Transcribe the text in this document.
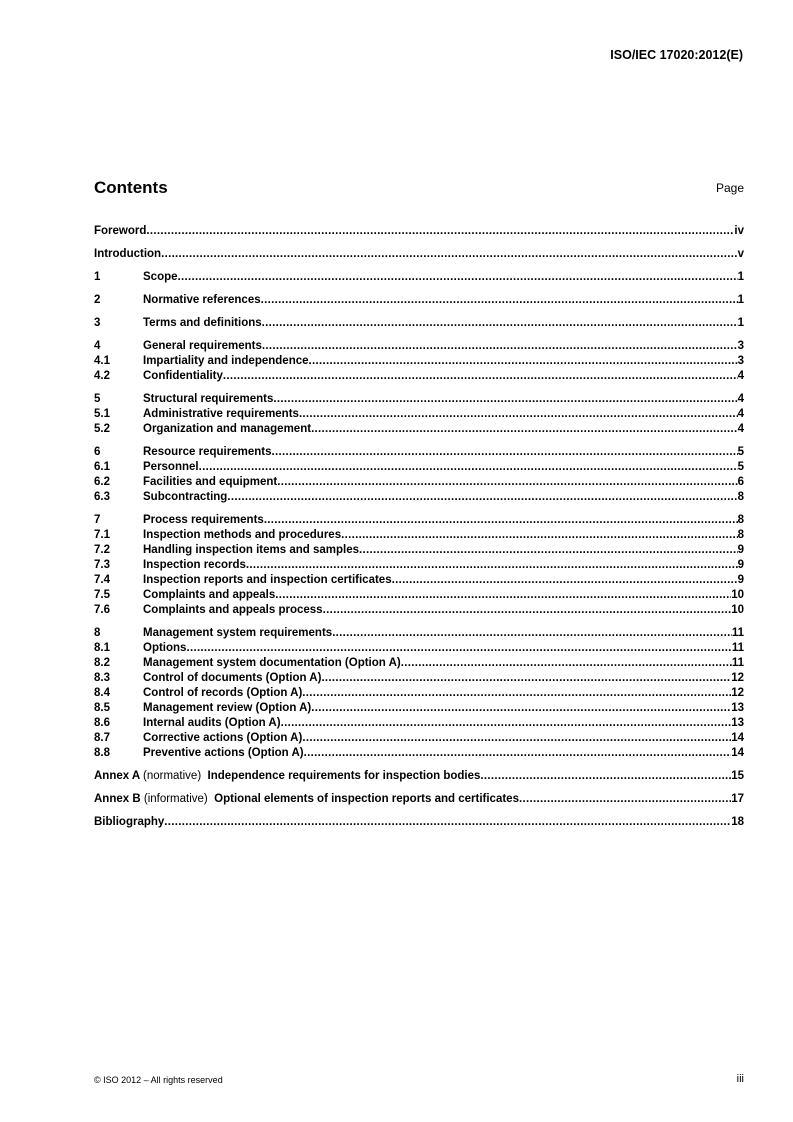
ISO/IEC 17020:2012(E)
Contents	Page
Foreword .....	iv
Introduction .....	v
1	Scope .....	1
2	Normative references .....	1
3	Terms and definitions .....	1
4	General requirements .....	3
4.1	Impartiality and independence .....	3
4.2	Confidentiality .....	4
5	Structural requirements .....	4
5.1	Administrative requirements .....	4
5.2	Organization and management .....	4
6	Resource requirements .....	5
6.1	Personnel .....	5
6.2	Facilities and equipment .....	6
6.3	Subcontracting .....	8
7	Process requirements .....	8
7.1	Inspection methods and procedures .....	8
7.2	Handling inspection items and samples .....	9
7.3	Inspection records .....	9
7.4	Inspection reports and inspection certificates .....	9
7.5	Complaints and appeals .....	10
7.6	Complaints and appeals process .....	10
8	Management system requirements .....	11
8.1	Options .....	11
8.2	Management system documentation (Option A) .....	11
8.3	Control of documents (Option A) .....	12
8.4	Control of records (Option A) .....	12
8.5	Management review (Option A) .....	13
8.6	Internal audits (Option A) .....	13
8.7	Corrective actions (Option A) .....	14
8.8	Preventive actions (Option A) .....	14
Annex A (normative) Independence requirements for inspection bodies .....	15
Annex B (informative) Optional elements of inspection reports and certificates .....	17
Bibliography .....	18
© ISO 2012 – All rights reserved	iii
